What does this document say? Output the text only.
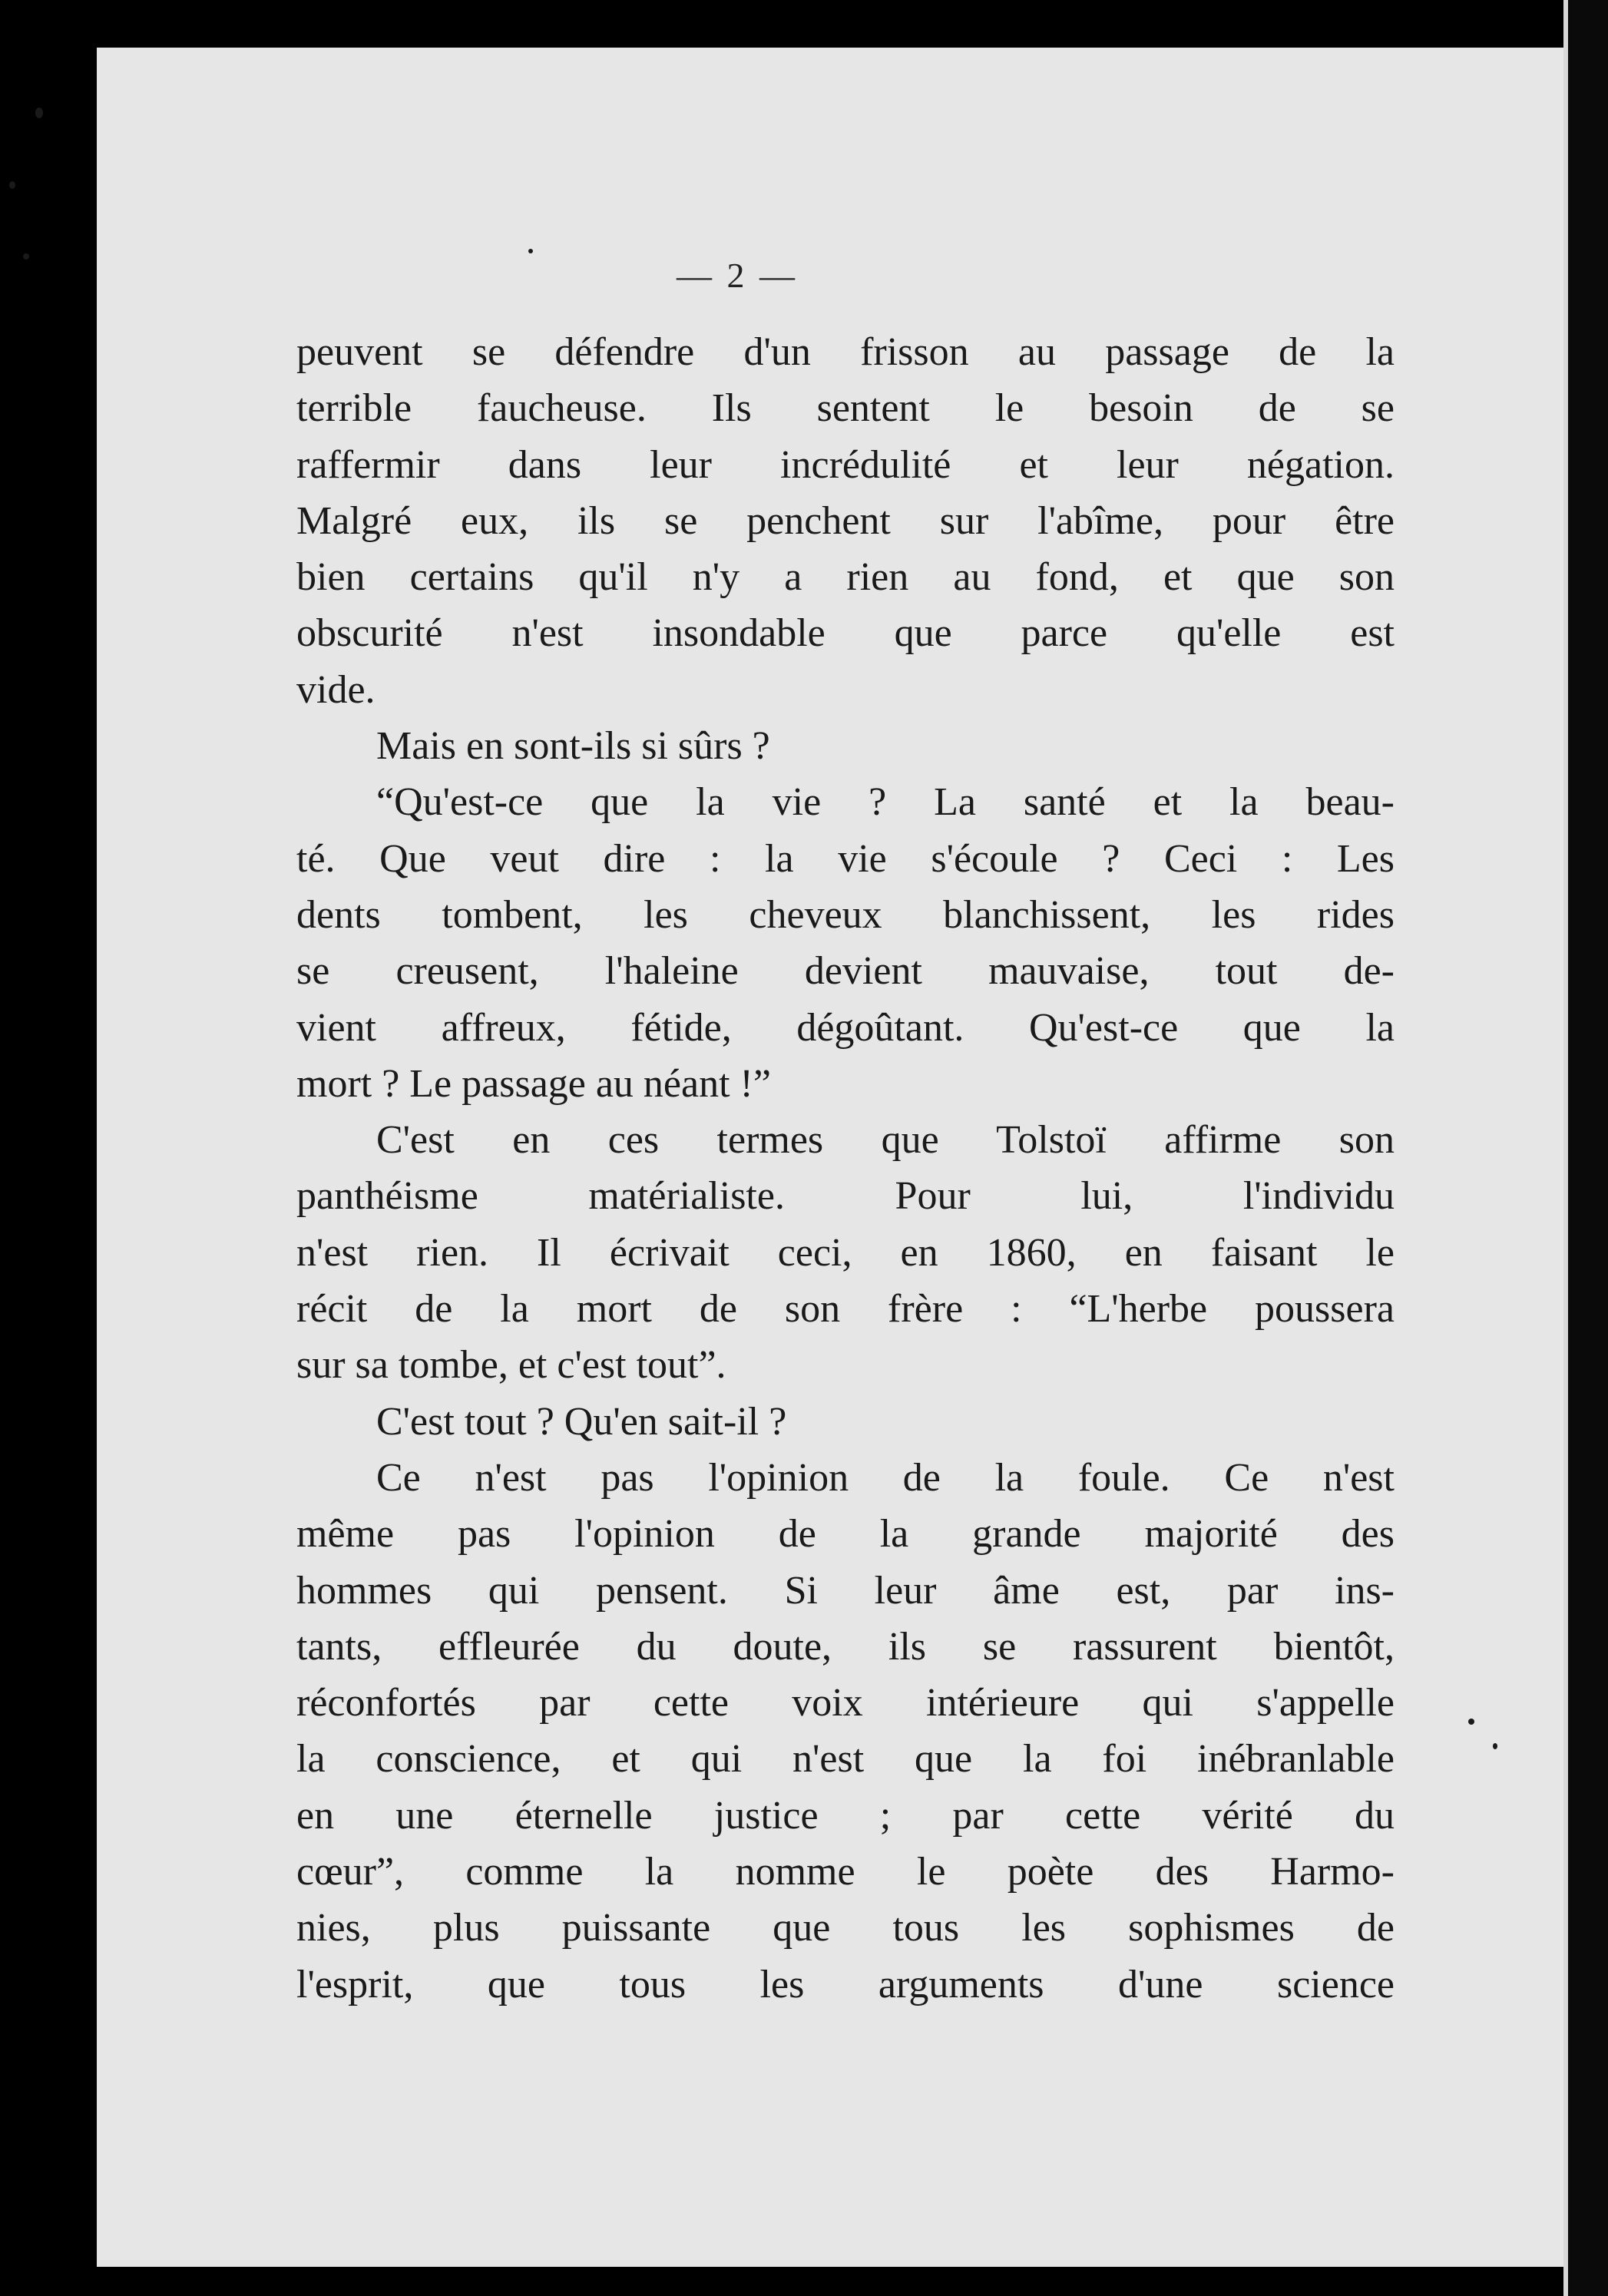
— 2 —
peuvent se défendre d'un frisson au passage de la
terrible faucheuse. Ils sentent le besoin de se
raffermir dans leur incrédulité et leur négation.
Malgré eux, ils se penchent sur l'abîme, pour être
bien certains qu'il n'y a rien au fond, et que son
obscurité n'est insondable que parce qu'elle est
vide.
Mais en sont-ils si sûrs ?
“Qu'est-ce que la vie ? La santé et la beau-
té. Que veut dire : la vie s'écoule ? Ceci : Les
dents tombent, les cheveux blanchissent, les rides
se creusent, l'haleine devient mauvaise, tout de-
vient affreux, fétide, dégoûtant. Qu'est-ce que la
mort ? Le passage au néant !”
C'est en ces termes que Tolstoï affirme son
panthéisme matérialiste. Pour lui, l'individu
n'est rien. Il écrivait ceci, en 1860, en faisant le
récit de la mort de son frère : “L'herbe poussera
sur sa tombe, et c'est tout”.
C'est tout ? Qu'en sait-il ?
Ce n'est pas l'opinion de la foule. Ce n'est
même pas l'opinion de la grande majorité des
hommes qui pensent. Si leur âme est, par ins-
tants, effleurée du doute, ils se rassurent bientôt,
réconfortés par cette voix intérieure qui s'appelle
la conscience, et qui n'est que la foi inébranlable
en une éternelle justice ; par cette vérité du
cœur”, comme la nomme le poète des Harmo-
nies, plus puissante que tous les sophismes de
l'esprit, que tous les arguments d'une science
